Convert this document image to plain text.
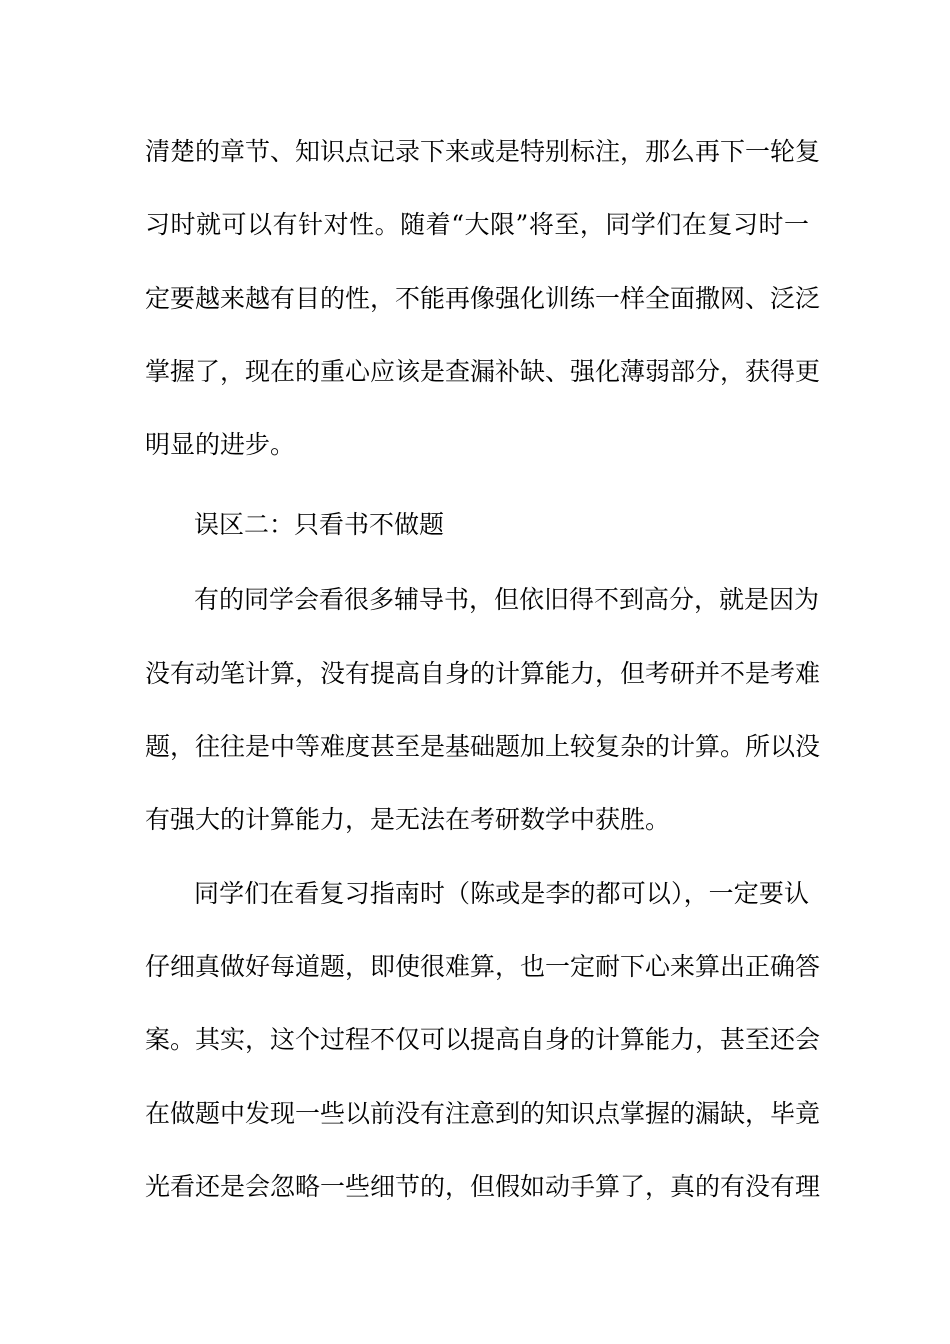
清楚的章节、知识点记录下来或是特别标注，那么再下一轮复
习时就可以有针对性。随着“大限”将至，同学们在复习时一
定要越来越有目的性，不能再像强化训练一样全面撒网、泛泛
掌握了，现在的重心应该是查漏补缺、强化薄弱部分，获得更
明显的进步。
误区二：只看书不做题
有的同学会看很多辅导书，但依旧得不到高分，就是因为
没有动笔计算，没有提高自身的计算能力，但考研并不是考难
题，往往是中等难度甚至是基础题加上较复杂的计算。所以没
有强大的计算能力，是无法在考研数学中获胜。
同学们在看复习指南时（陈或是李的都可以），一定要认
仔细真做好每道题，即使很难算，也一定耐下心来算出正确答
案。其实，这个过程不仅可以提高自身的计算能力，甚至还会
在做题中发现一些以前没有注意到的知识点掌握的漏缺，毕竟
光看还是会忽略一些细节的，但假如动手算了，真的有没有理
